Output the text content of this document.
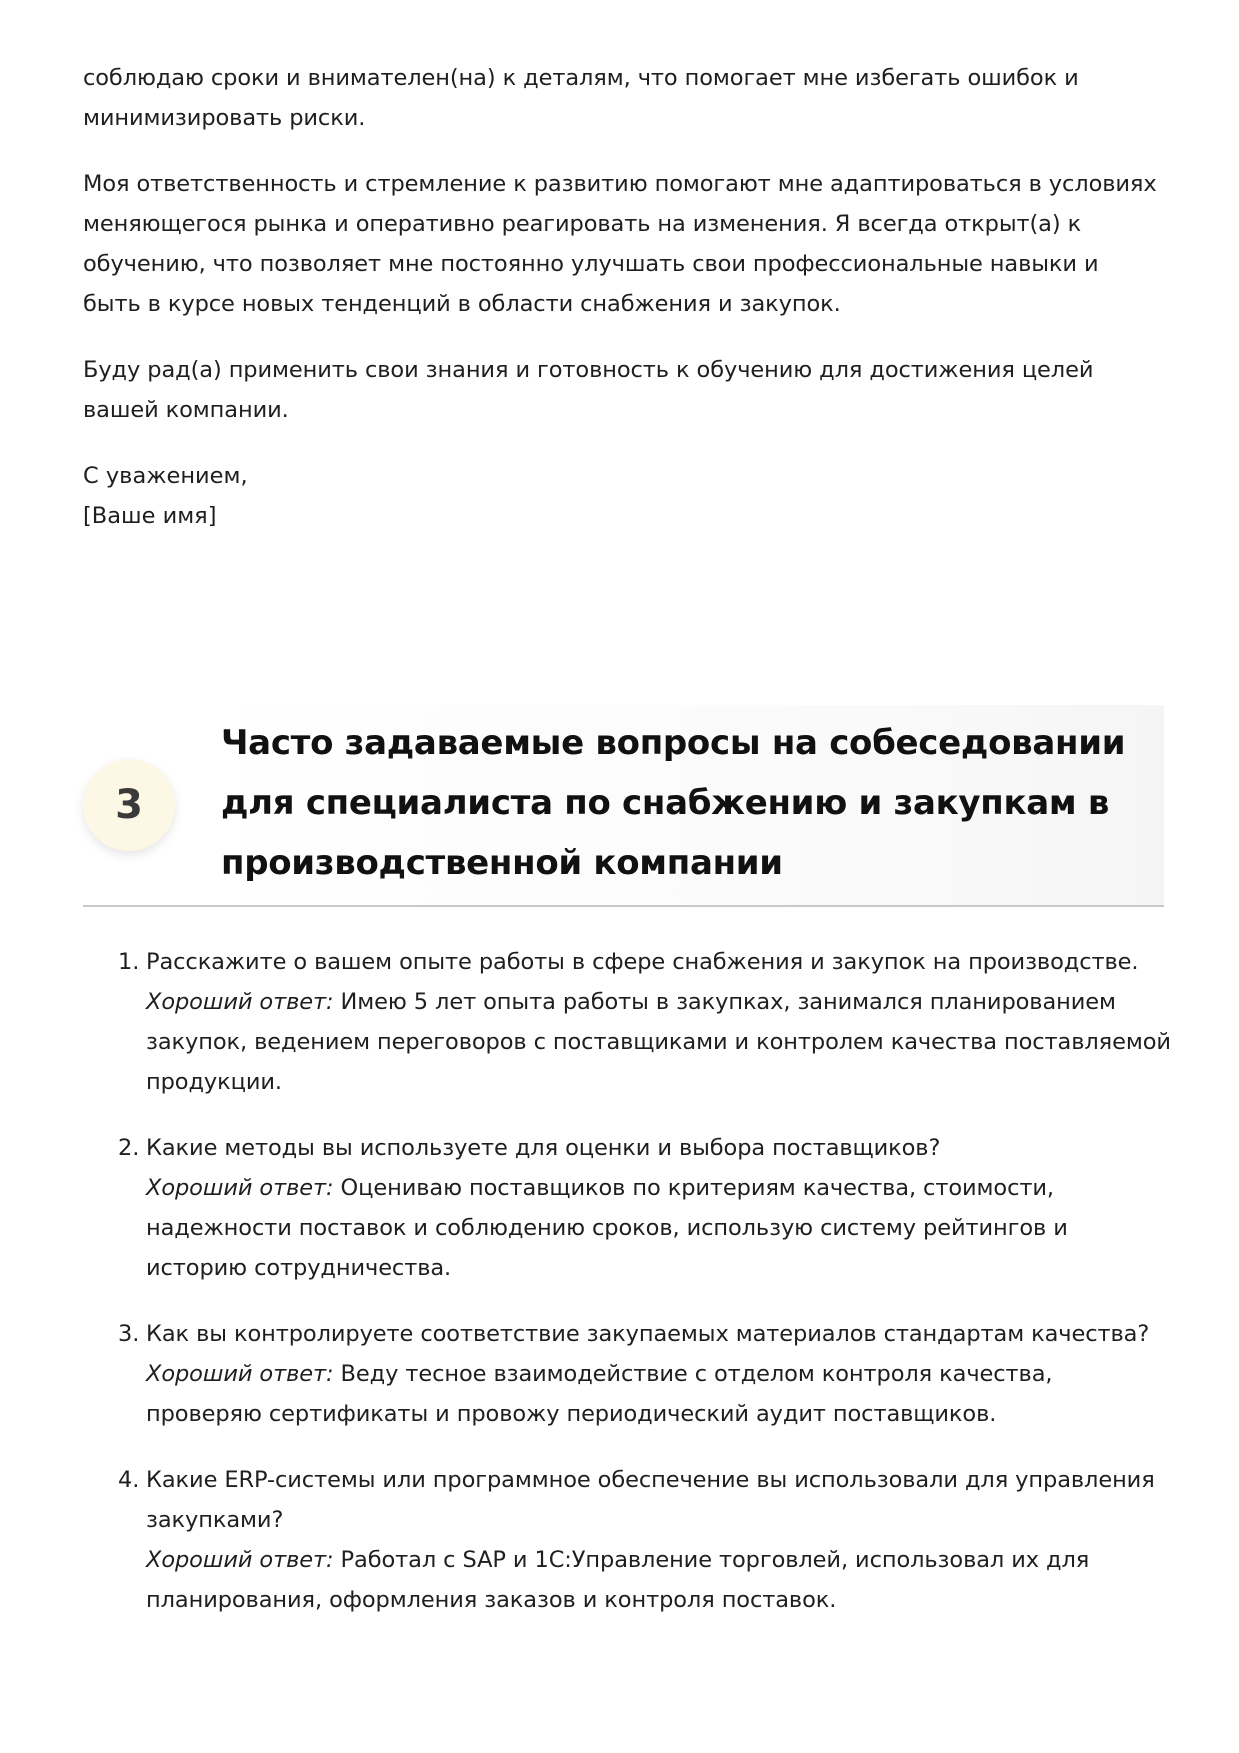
соблюдаю сроки и внимателен(на) к деталям, что помогает мне избегать ошибок и минимизировать риски.

Моя ответственность и стремление к развитию помогают мне адаптироваться в условиях меняющегося рынка и оперативно реагировать на изменения. Я всегда открыт(а) к обучению, что позволяет мне постоянно улучшать свои профессиональные навыки и быть в курсе новых тенденций в области снабжения и закупок.

Буду рад(а) применить свои знания и готовность к обучению для достижения целей вашей компании.

С уважением,

[Ваше имя]

3
Часто задаваемые вопросы на собеседовании для специалиста по снабжению и закупкам в производственной компании
1. Расскажите о вашем опыте работы в сфере снабжения и закупок на производстве.
Хороший ответ: Имею 5 лет опыта работы в закупках, занимался планированием закупок, ведением переговоров с поставщиками и контролем качества поставляемой продукции.
2. Какие методы вы используете для оценки и выбора поставщиков?
Хороший ответ: Оцениваю поставщиков по критериям качества, стоимости, надежности поставок и соблюдению сроков, использую систему рейтингов и историю сотрудничества.
3. Как вы контролируете соответствие закупаемых материалов стандартам качества?
Хороший ответ: Веду тесное взаимодействие с отделом контроля качества, проверяю сертификаты и провожу периодический аудит поставщиков.
4. Какие ERP-системы или программное обеспечение вы использовали для управления закупками?
Хороший ответ: Работал с SAP и 1С:Управление торговлей, использовал их для планирования, оформления заказов и контроля поставок.
